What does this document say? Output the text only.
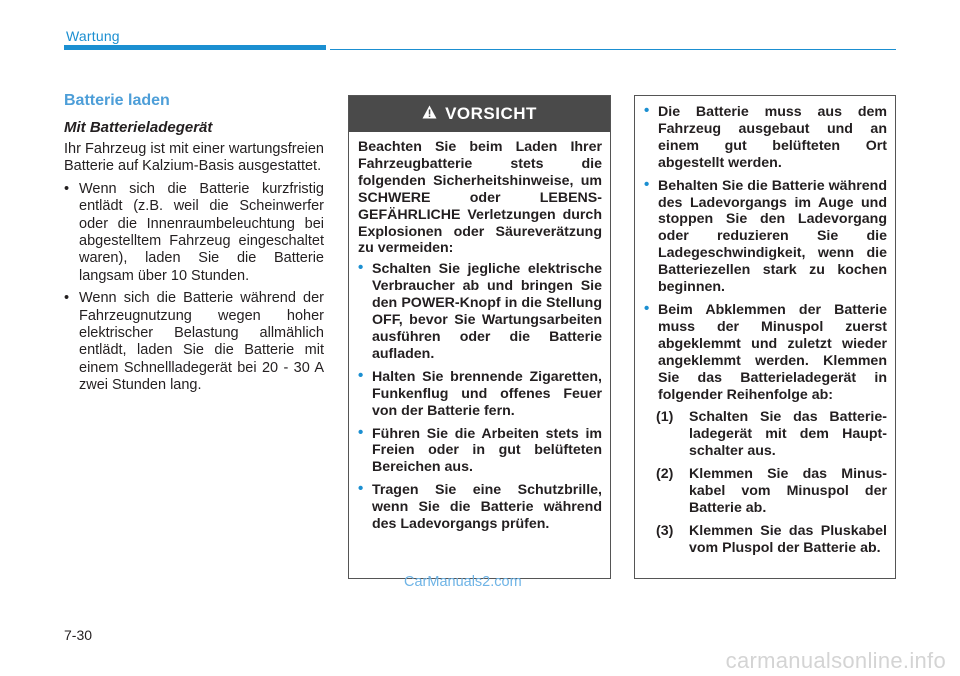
Wartung
Batterie laden
Mit Batterieladegerät

Ihr Fahrzeug ist mit einer wartungsfreien Batterie auf Kalzium-Basis ausgestattet.

• Wenn sich die Batterie kurzfristig entlädt (z.B. weil die Scheinwerfer oder die Innenraumbeleuchtung bei abgestelltem Fahrzeug eingeschaltet waren), laden Sie die Batterie langsam über 10 Stunden.
• Wenn sich die Batterie während der Fahrzeugnutzung wegen hoher elektrischer Belastung allmählich entlädt, laden Sie die Batterie mit einem Schnellladegerät bei 20 - 30 A zwei Stunden lang.
VORSICHT

Beachten Sie beim Laden Ihrer Fahrzeugbatterie stets die folgenden Sicherheitshinweise, um SCHWERE oder LEBENS-GEFÄHRLICHE Verletzungen durch Explosionen oder Säureverätzung zu vermeiden:

• Schalten Sie jegliche elektrische Verbraucher ab und bringen Sie den POWER-Knopf in die Stellung OFF, bevor Sie Wartungsarbeiten ausführen oder die Batterie aufladen.
• Halten Sie brennende Zigaretten, Funkenflug und offenes Feuer von der Batterie fern.
• Führen Sie die Arbeiten stets im Freien oder in gut belüfteten Bereichen aus.
• Tragen Sie eine Schutzbrille, wenn Sie die Batterie während des Ladevorgangs prüfen.
• Die Batterie muss aus dem Fahrzeug ausgebaut und an einem gut belüfteten Ort abgestellt werden.
• Behalten Sie die Batterie während des Ladevorgangs im Auge und stoppen Sie den Ladevorgang oder reduzieren Sie die Ladegeschwindigkeit, wenn die Batteriezellen stark zu kochen beginnen.
• Beim Abklemmen der Batterie muss der Minuspol zuerst abgeklemmt und zuletzt wieder angeklemmt werden. Klemmen Sie das Batterieladegerät in folgender Reihenfolge ab:
(1) Schalten Sie das Batterie-ladegerät mit dem Haupt-schalter aus.
(2) Klemmen Sie das Minus-kabel vom Minuspol der Batterie ab.
(3) Klemmen Sie das Pluskabel vom Pluspol der Batterie ab.
CarManuals2.com
7-30
carmanualsonline.info
